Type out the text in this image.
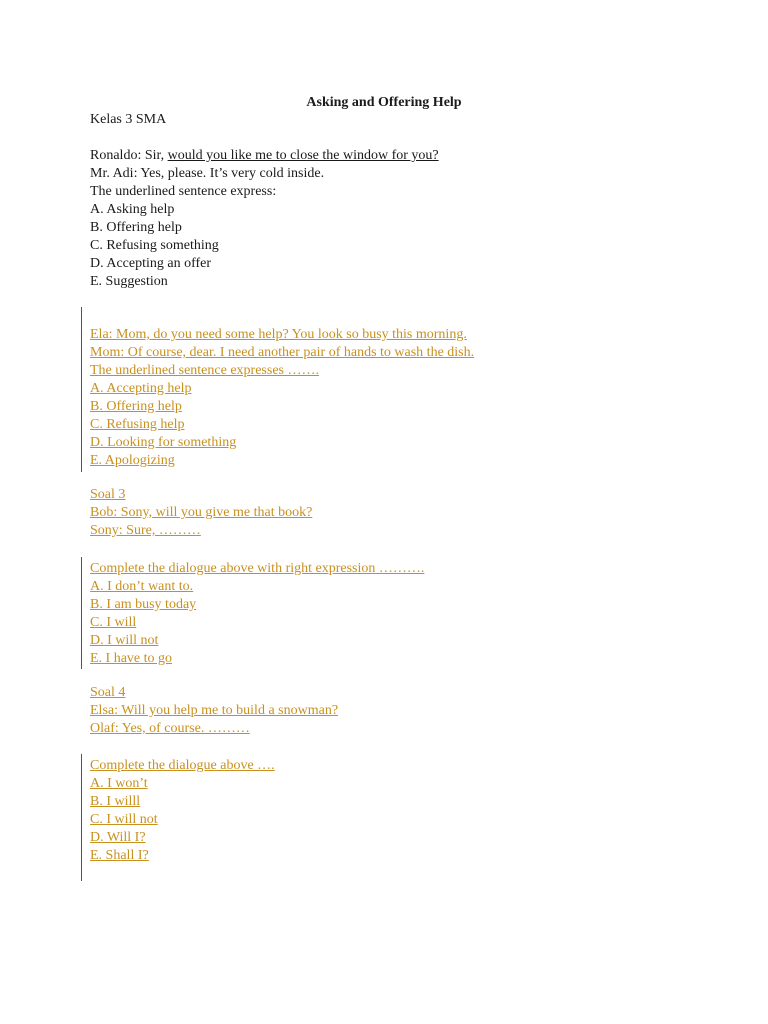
Asking and Offering Help
Kelas 3 SMA
Ronaldo: Sir, would you like me to close the window for you?
Mr. Adi: Yes, please. It’s very cold inside.
The underlined sentence express:
A. Asking help
B. Offering help
C. Refusing something
D. Accepting an offer
E. Suggestion
Ela: Mom, do you need some help? You look so busy this morning.
Mom: Of course, dear. I need another pair of hands to wash the dish.
The underlined sentence expresses …….
A. Accepting help
B. Offering help
C. Refusing help
D. Looking for something
E. Apologizing
Soal 3
Bob: Sony, will you give me that book?
Sony: Sure, ………
Complete the dialogue above with right expression ……….
A. I don’t want to.
B. I am busy today
C. I will
D. I will not
E. I have to go
Soal 4
Elsa: Will you help me to build a snowman?
Olaf: Yes, of course. ………
Complete the dialogue above ….
A. I won’t
B. I willl
C. I will not
D. Will I?
E. Shall I?
